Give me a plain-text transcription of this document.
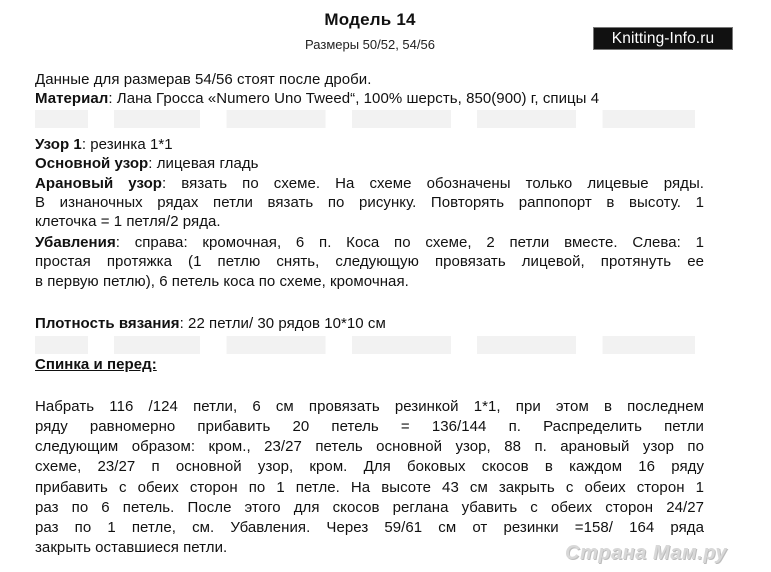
Модель 14
Размеры 50/52, 54/56	Knitting-Info.ru
Данные для размерав 54/56 стоят после дроби.
Материал: Лана Гросса «Numero Uno Tweed“, 100% шерсть, 850(900) г, спицы 4
Узор 1: резинка 1*1
Основной узор: лицевая гладь
Арановый узор: вязать по схеме. На схеме обозначены только лицевые ряды.
В изнаночных рядах петли вязать по рисунку. Повторять раппопорт в высоту. 1
клеточка = 1 петля/2 ряда.
Убавления: справа: кромочная, 6 п. Коса по схеме, 2 петли вместе. Слева: 1
простая протяжка (1 петлю снять, следующую провязать лицевой, протянуть ее
в первую петлю), 6 петель коса по схеме, кромочная.
Плотность вязания: 22 петли/ 30 рядов 10*10 см
Спинка и перед:
Набрать 116 /124 петли, 6 см провязать резинкой 1*1, при этом в последнем
ряду равномерно прибавить 20 петель = 136/144 п. Распределить петли
следующим образом: кром., 23/27 петель основной узор, 88 п. арановый узор по
схеме, 23/27 п основной узор, кром. Для боковых скосов в каждом 16 ряду
прибавить с обеих сторон по 1 петле. На высоте 43 см закрыть с обеих сторон 1
раз по 6 петель. После этого для скосов реглана убавить с обеих сторон 24/27
раз по 1 петле, см. Убавления. Через 59/61 см от резинки =158/ 164 ряда
закрыть оставшиеся петли.	Страна Мам.ру
